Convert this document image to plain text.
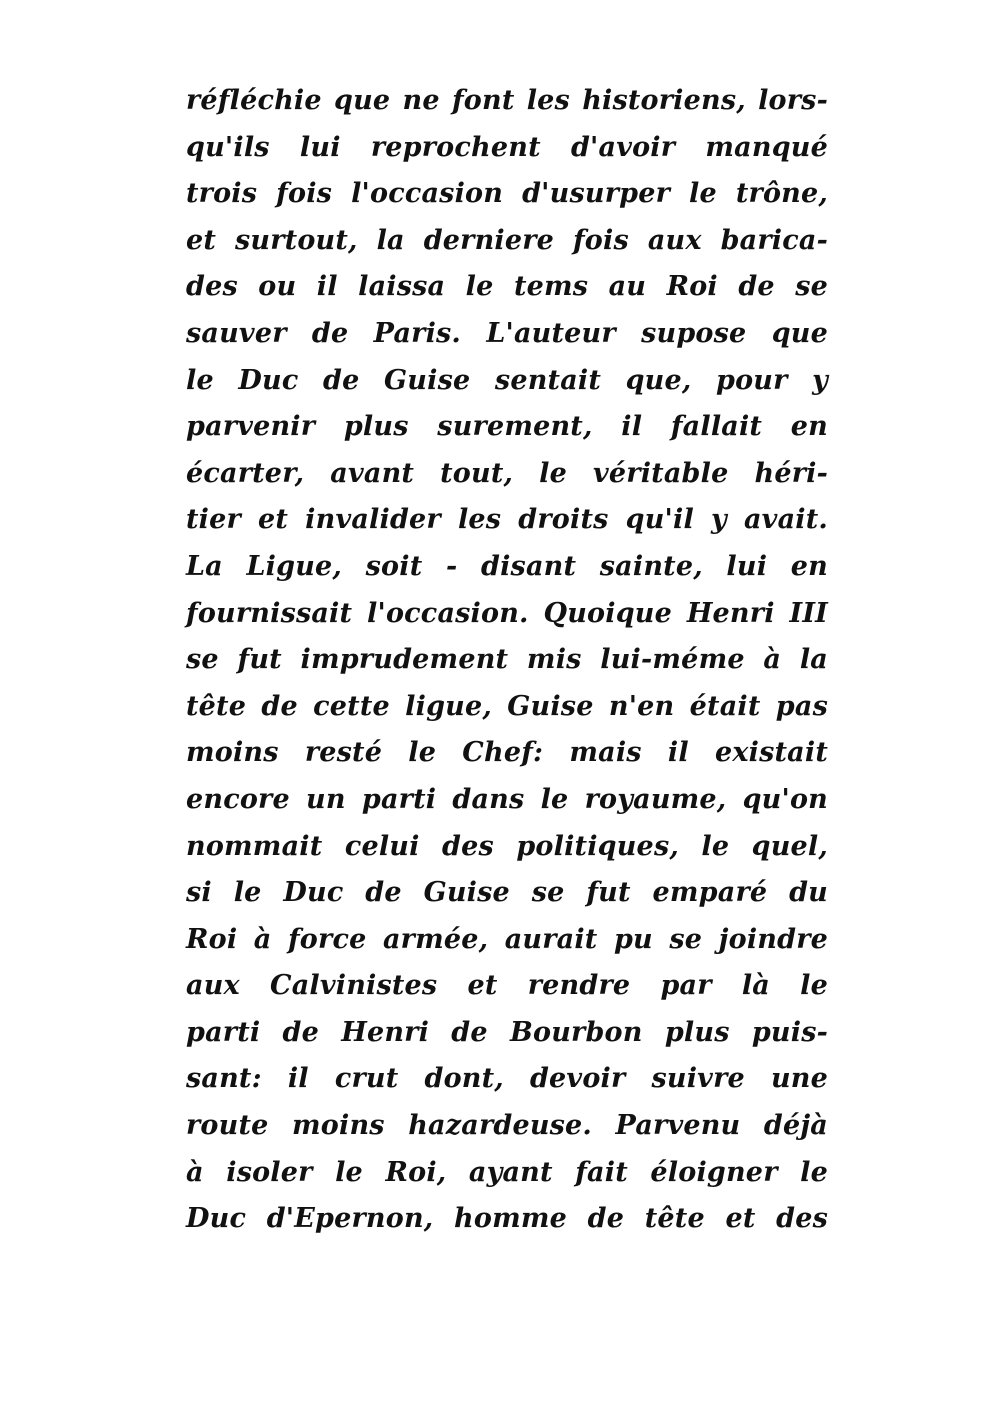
réfléchie que ne font les historiens, lors-
qu'ils lui reprochent d'avoir manqué
trois fois l'occasion d'usurper le trône,
et surtout, la derniere fois aux barica-
des ou il laissa le tems au Roi de se
sauver de Paris. L'auteur supose que
le Duc de Guise sentait que, pour y
parvenir plus surement, il fallait en
écarter, avant tout, le véritable héri-
tier et invalider les droits qu'il y avait.
La Ligue, soit - disant sainte, lui en
fournissait l'occasion. Quoique Henri III
se fut imprudement mis lui-méme à la
tête de cette ligue, Guise n'en était pas
moins resté le Chef: mais il existait
encore un parti dans le royaume, qu'on
nommait celui des politiques, le quel,
si le Duc de Guise se fut emparé du
Roi à force armée, aurait pu se joindre
aux Calvinistes et rendre par là le
parti de Henri de Bourbon plus puis-
sant: il crut dont, devoir suivre une
route moins hazardeuse. Parvenu déjà
à isoler le Roi, ayant fait éloigner le
Duc d'Epernon, homme de tête et des
